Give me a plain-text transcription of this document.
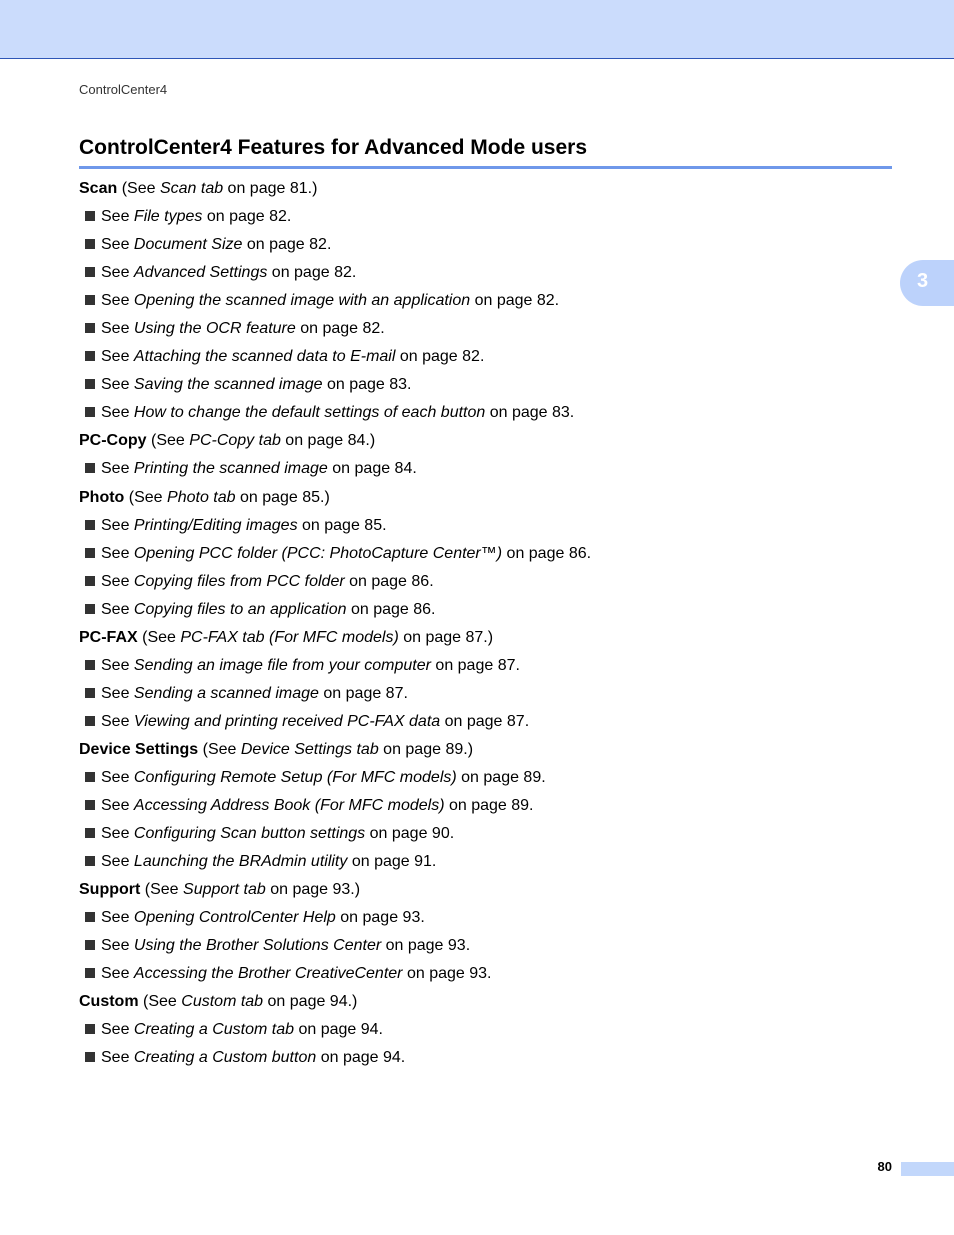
ControlCenter4
ControlCenter4 Features for Advanced Mode users
3
Scan (See Scan tab on page 81.)
See File types on page 82.
See Document Size on page 82.
See Advanced Settings on page 82.
See Opening the scanned image with an application on page 82.
See Using the OCR feature on page 82.
See Attaching the scanned data to E-mail on page 82.
See Saving the scanned image on page 83.
See How to change the default settings of each button on page 83.
PC-Copy (See PC-Copy tab on page 84.)
See Printing the scanned image on page 84.
Photo (See Photo tab on page 85.)
See Printing/Editing images on page 85.
See Opening PCC folder (PCC: PhotoCapture Center™) on page 86.
See Copying files from PCC folder on page 86.
See Copying files to an application on page 86.
PC-FAX (See PC-FAX tab (For MFC models) on page 87.)
See Sending an image file from your computer on page 87.
See Sending a scanned image on page 87.
See Viewing and printing received PC-FAX data on page 87.
Device Settings (See Device Settings tab on page 89.)
See Configuring Remote Setup (For MFC models) on page 89.
See Accessing Address Book (For MFC models) on page 89.
See Configuring Scan button settings on page 90.
See Launching the BRAdmin utility on page 91.
Support (See Support tab on page 93.)
See Opening ControlCenter Help on page 93.
See Using the Brother Solutions Center on page 93.
See Accessing the Brother CreativeCenter on page 93.
Custom (See Custom tab on page 94.)
See Creating a Custom tab on page 94.
See Creating a Custom button on page 94.
80
